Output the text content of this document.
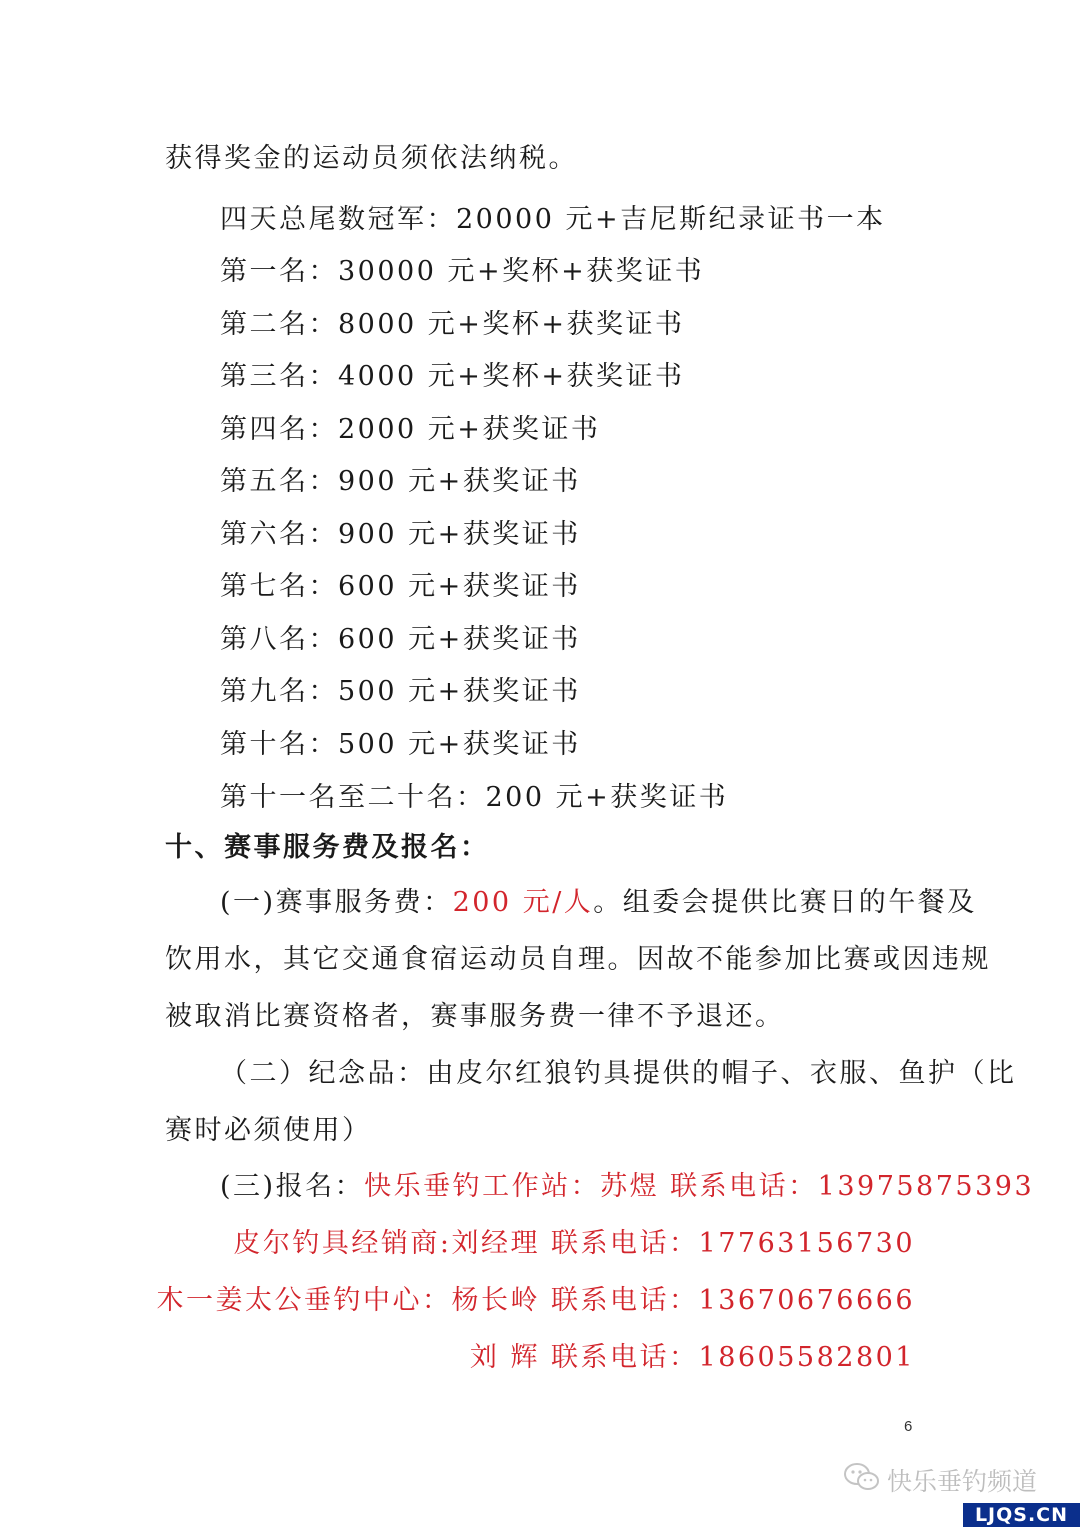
获得奖金的运动员须依法纳税。
四天总尾数冠军：20000 元+吉尼斯纪录证书一本
第一名：30000 元+奖杯+获奖证书
第二名：8000 元+奖杯+获奖证书
第三名：4000 元+奖杯+获奖证书
第四名：2000 元+获奖证书
第五名：900 元+获奖证书
第六名：900 元+获奖证书
第七名：600 元+获奖证书
第八名：600 元+获奖证书
第九名：500 元+获奖证书
第十名：500 元+获奖证书
第十一名至二十名：200 元+获奖证书
十、赛事服务费及报名：
(一)赛事服务费：200 元/人。组委会提供比赛日的午餐及
饮用水，其它交通食宿运动员自理。因故不能参加比赛或因违规
被取消比赛资格者，赛事服务费一律不予退还。
（二）纪念品：由皮尔红狼钓具提供的帽子、衣服、鱼护（比
赛时必须使用）
(三)报名：快乐垂钓工作站：苏煜 联系电话：13975875393
皮尔钓具经销商:刘经理 联系电话：17763156730
木一姜太公垂钓中心：杨长岭 联系电话：13670676666
刘 辉 联系电话：18605582801
6
快乐垂钓频道
LJQS.CN
